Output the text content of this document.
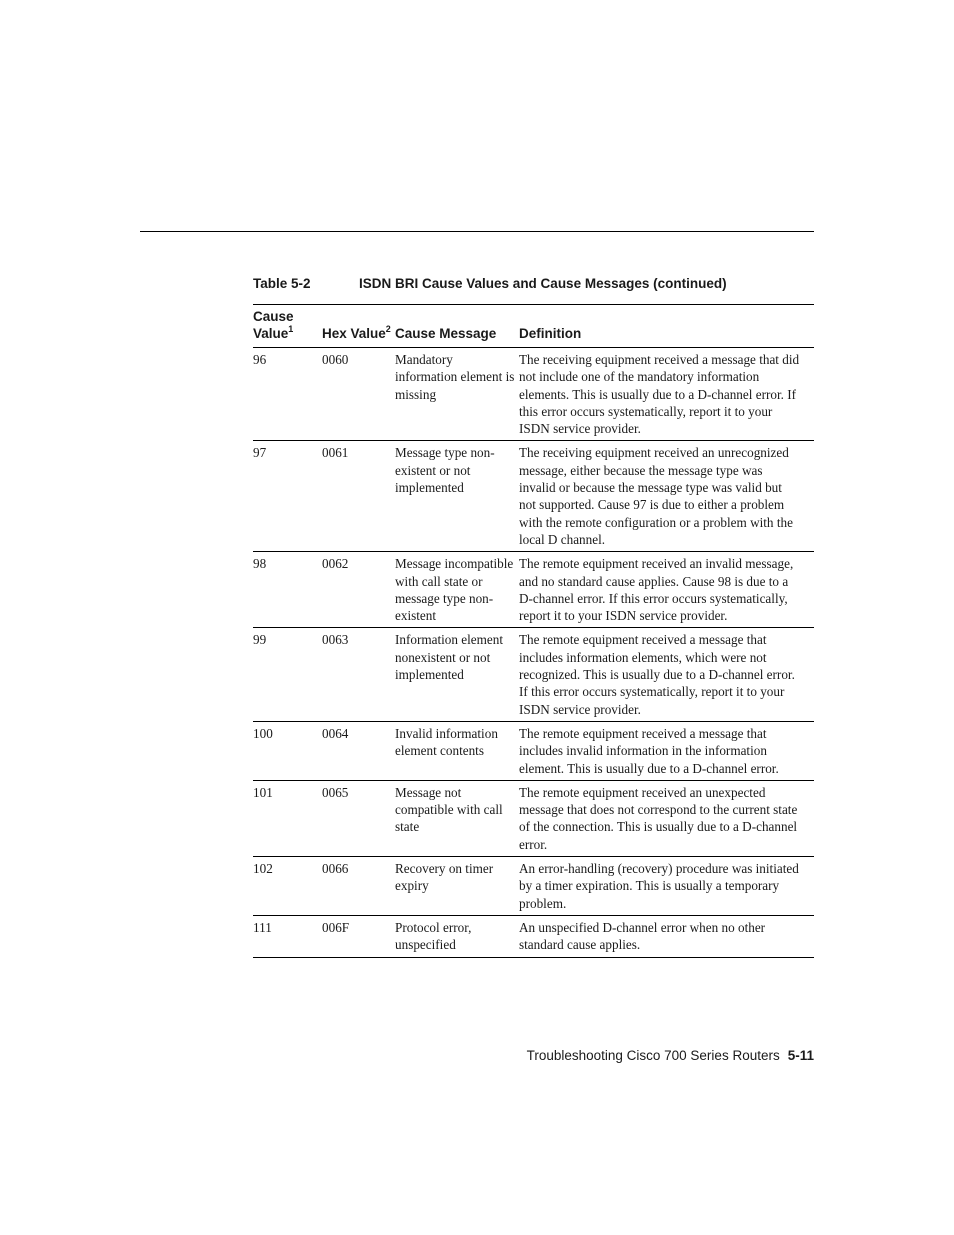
Table 5-2	ISDN BRI Cause Values and Cause Messages (continued)
Cause Value$^1$	Hex Value$^2$	Cause Message	Definition
96	0060	Mandatory information element is missing	The receiving equipment received a message that did not include one of the mandatory information elements. This is usually due to a D-channel error. If this error occurs systematically, report it to your ISDN service provider.
97	0061	Message type non-existent or not implemented	The receiving equipment received an unrecognized message, either because the message type was invalid or because the message type was valid but not supported. Cause 97 is due to either a problem with the remote configuration or a problem with the local D channel.
98	0062	Message incompatible with call state or message type non-existent	The remote equipment received an invalid message, and no standard cause applies. Cause 98 is due to a D-channel error. If this error occurs systematically, report it to your ISDN service provider.
99	0063	Information element nonexistent or not implemented	The remote equipment received a message that includes information elements, which were not recognized. This is usually due to a D-channel error. If this error occurs systematically, report it to your ISDN service provider.
100	0064	Invalid information element contents	The remote equipment received a message that includes invalid information in the information element. This is usually due to a D-channel error.
101	0065	Message not compatible with call state	The remote equipment received an unexpected message that does not correspond to the current state of the connection. This is usually due to a D-channel error.
102	0066	Recovery on timer expiry	An error-handling (recovery) procedure was initiated by a timer expiration. This is usually a temporary problem.
111	006F	Protocol error, unspecified	An unspecified D-channel error when no other standard cause applies.
Troubleshooting Cisco 700 Series Routers 5-11
